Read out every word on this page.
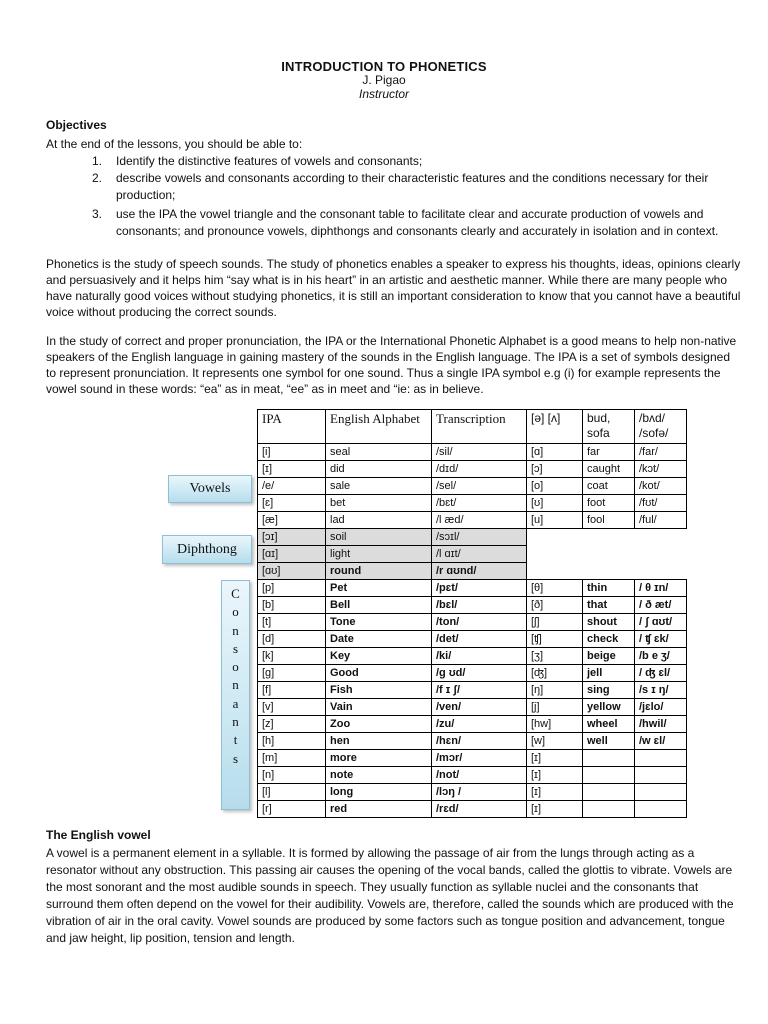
INTRODUCTION TO PHONETICS
J. Pigao
Instructor
Objectives
At the end of the lessons, you should be able to:
1. Identify the distinctive features of vowels and consonants;
2. describe vowels and consonants according to their characteristic features and the conditions necessary for their
production;
3. use the IPA the vowel triangle and the consonant table to facilitate clear and accurate production of vowels and
consonants; and pronounce vowels, diphthongs and consonants clearly and accurately in isolation and in context.
Phonetics is the study of speech sounds. The study of phonetics enables a speaker to express his thoughts, ideas, opinions clearly
and persuasively and it helps him “say what is in his heart” in an artistic and aesthetic manner. While there are many people who
have naturally good voices without studying phonetics, it is still an important consideration to know that you cannot have a beautiful
voice without producing the correct sounds.
In the study of correct and proper pronunciation, the IPA or the International Phonetic Alphabet is a good means to help non-native
speakers of the English language in gaining mastery of the sounds in the English language. The IPA is a set of symbols designed
to represent pronunciation. It represents one symbol for one sound. Thus a single IPA symbol e.g (i) for example represents the
vowel sound in these words: “ea” as in meat, “ee” as in meet and “ie: as in believe.
Vowels
Diphthong
C
o
n
s
o
n
a
n
t
s
IPA	English Alphabet	Transcription	[ə] [ʌ]	bud, sofa	/bʌd/ /sofə/
[i]	seal	/sil/	[ɑ]	far	/far/
[ɪ]	did	/dɪd/	[ɔ]	caught	/kɔt/
/e/	sale	/sel/	[o]	coat	/kot/
[ɛ]	bet	/bɛt/	[ʊ]	foot	/fʊt/
[æ]	lad	/l æd/	[u]	fool	/ful/
[ɔɪ]	soil	/sɔɪl/			
[ɑɪ]	light	/l ɑɪt/			
[ɑʊ]	round	/r ɑʊnd/			
[p]	Pet	/pɛt/	[θ]	thin	/ θ ɪn/
[b]	Bell	/bɛl/	[ð]	that	/ ð æt/
[t]	Tone	/ton/	[ʃ]	shout	/ ʃ ɑʊt/
[d]	Date	/det/	[ʧ]	check	/ ʧ ɛk/
[k]	Key	/ki/	[ʒ]	beige	/b e ʒ/
[g]	Good	/g ʊd/	[ʤ]	jell	/ ʤ ɛl/
[f]	Fish	/f ɪ ʃ/	[ŋ]	sing	/s ɪ ŋ/
[v]	Vain	/ven/	[j]	yellow	/jɛlo/
[z]	Zoo	/zu/	[hw]	wheel	/hwil/
[h]	hen	/hɛn/	[w]	well	/w ɛl/
[m]	more	/mɔr/	[ɪ]		
[n]	note	/not/	[ɪ]		
[l]	long	/lɔŋ /	[ɪ]		
[r]	red	/rɛd/	[ɪ]		
The English vowel
A vowel is a permanent element in a syllable. It is formed by allowing the passage of air from the lungs through acting as a
resonator without any obstruction. This passing air causes the opening of the vocal bands, called the glottis to vibrate. Vowels are
the most sonorant and the most audible sounds in speech. They usually function as syllable nuclei and the consonants that
surround them often depend on the vowel for their audibility. Vowels are, therefore, called the sounds which are produced with the
vibration of air in the oral cavity. Vowel sounds are produced by some factors such as tongue position and advancement, tongue
and jaw height, lip position, tension and length.
